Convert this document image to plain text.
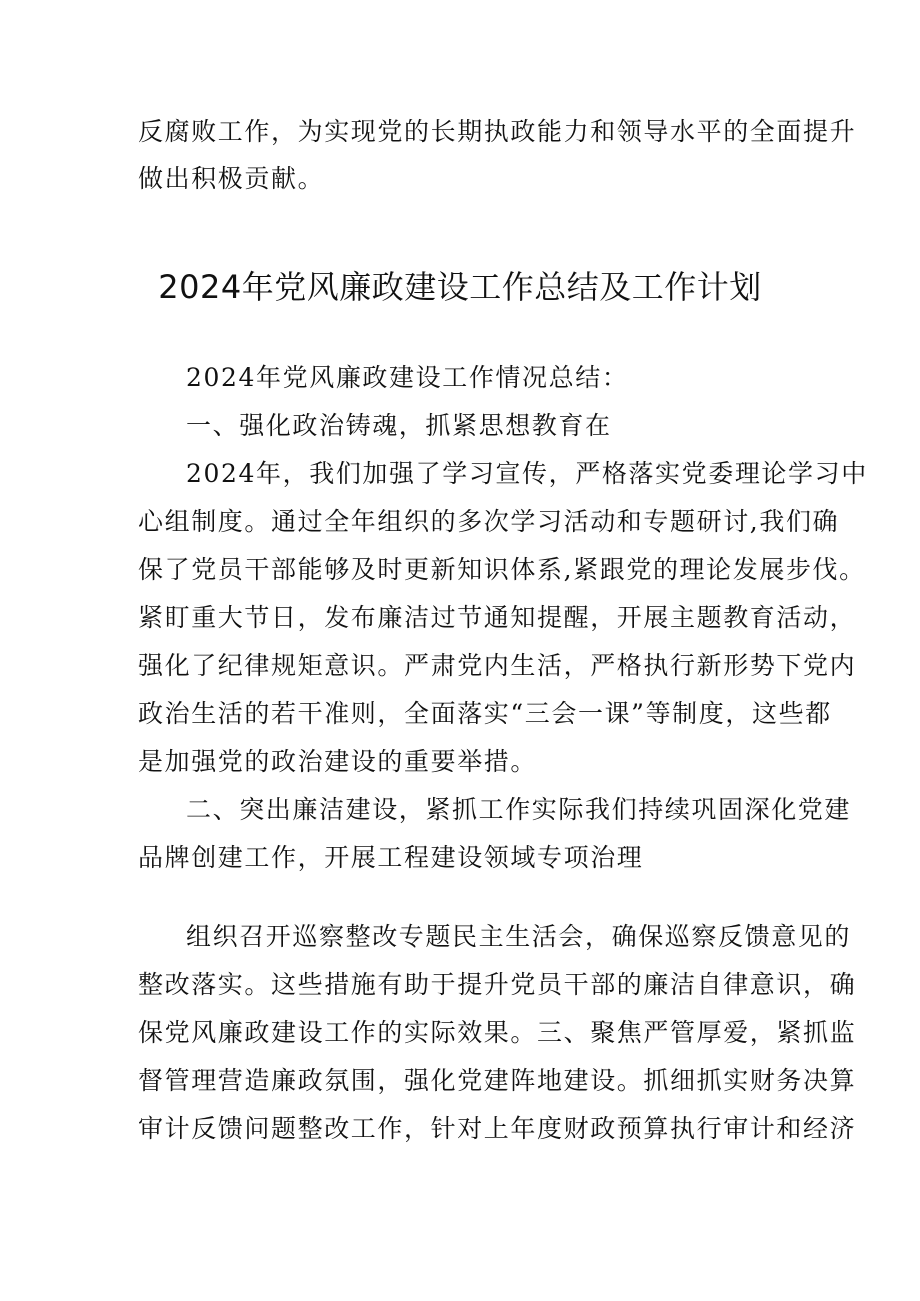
反腐败工作，为实现党的长期执政能力和领导水平的全面提升
做出积极贡献。
2024年党风廉政建设工作总结及工作计划
2024年党风廉政建设工作情况总结：
一、强化政治铸魂，抓紧思想教育在
2024年，我们加强了学习宣传，严格落实党委理论学习中
心组制度。通过全年组织的多次学习活动和专题研讨,我们确
保了党员干部能够及时更新知识体系,紧跟党的理论发展步伐。
紧盯重大节日，发布廉洁过节通知提醒，开展主题教育活动，
强化了纪律规矩意识。严肃党内生活，严格执行新形势下党内
政治生活的若干准则，全面落实“三会一课”等制度，这些都
是加强党的政治建设的重要举措。
二、突出廉洁建设，紧抓工作实际我们持续巩固深化党建
品牌创建工作，开展工程建设领域专项治理
组织召开巡察整改专题民主生活会，确保巡察反馈意见的
整改落实。这些措施有助于提升党员干部的廉洁自律意识，确
保党风廉政建设工作的实际效果。三、聚焦严管厚爱，紧抓监
督管理营造廉政氛围，强化党建阵地建设。抓细抓实财务决算
审计反馈问题整改工作，针对上年度财政预算执行审计和经济
